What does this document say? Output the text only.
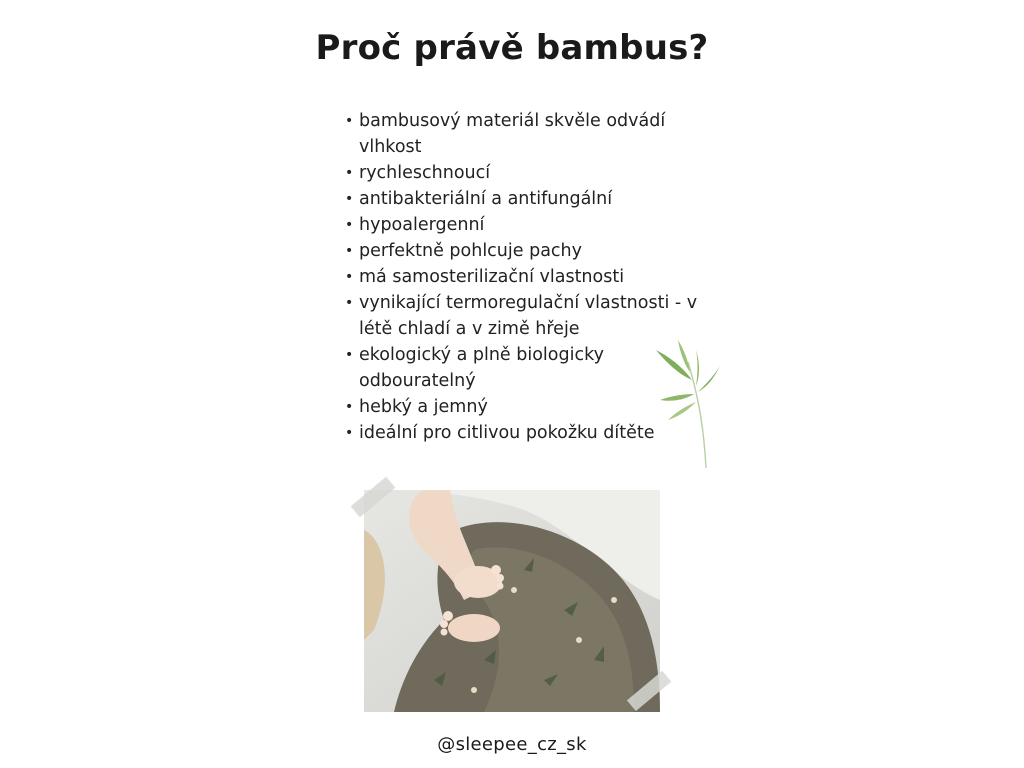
Proč právě bambus?
• bambusový materiál skvěle odvádí vlhkost
• rychleschnoucí
• antibakteriální a antifungální
• hypoalergenní
• perfektně pohlcuje pachy
• má samosterilizační vlastnosti
• vynikající termoregulační vlastnosti - v létě chladí a v zimě hřeje
• ekologický a plně biologicky odbouratelný
• hebký a jemný
• ideální pro citlivou pokožku dítěte
@sleepee_cz_sk
